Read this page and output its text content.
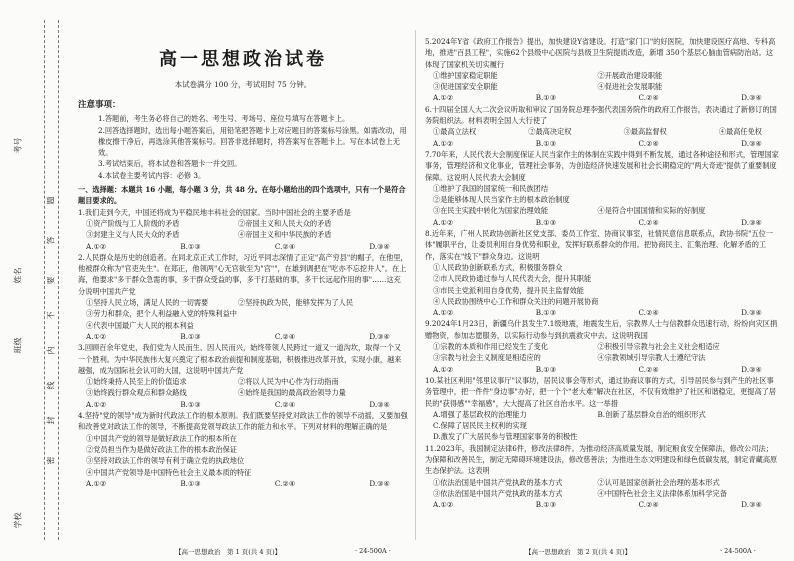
考号
姓名
班级
学校
题
答
要
不
内
线
封
密
高一思想政治试卷

本试卷满分 100 分，考试用时 75 分钟。

注意事项：

1.答题前，考生务必将自己的姓名、考生号、考场号、座位号填写在答题卡上。

2.回答选择题时，选出每小题答案后，用铅笔把答题卡上对应题目的答案标号涂黑。如需改动，用橡皮擦干净后，再选涂其他答案标号。回答非选择题时，将答案写在答题卡上。写在本试卷上无效。

3.考试结束后，将本试卷和答题卡一并交回。

4.本试卷主要考试内容：必修 3。

一、选择题：本题共 16 小题，每小题 3 分，共 48 分。在每小题给出的四个选项中，只有一个是符合题目要求的。

1.我们走到今天，中国还将成为平稳民地丰科社会的国家。当时中国社会的主要矛盾是

①资产阶级与工人阶级的矛盾	②帝国主义和人民大众的矛盾
③封建主义与人民大众的矛盾	④帝国主义和中华民族的矛盾
A.①②	B.①③	C.②④	D.③④

2.人民群众是历史的创造者。在同北京正式工作时，习近平同志深情了正定"高产穷县"的帽子，在他里，他被群众称为"官吏先生"。在郑正，他领两"心无官欲至为"宫""，在雄到调把在"吃亦不忘挖井人"。在上海，他要求"多干群众急需的事，多干群众受益的事，多干打基础的事，多干长远起作用的事"……这充分说明中国共产党

①坚持人民立场，满足人民的一切需要	②坚持执政为民，能够发挥为了人民
③劳力和群众，把个人利益融入党的特殊利益中
④代表中国最广大人民的根本利益
A.①②	B.①③	C.②④	D.③④

3.回顾百余年党史，我们党为人民而生、因人民而兴，始终带领人民跨过一道又一道沟坎，取得一个又一个胜利。为中华民族伟大复兴奠定了根本政治前提和制度基础，积极推进改革开放，实现小康，越来越强，成为国际社会认可的大国，这说明中国共产党

①始终秉持人民至上的价值追求	②将以人民为中心作为行动指南
③始终践行群众观点和群众路线	④始终是我国的最高政治领导力量
A.①②	B.①③	C.②④	D.③④

4.坚持"党的领导"成为新时代政法工作的根本原则。我们既要坚持党对政法工作的领导不动摇，又要加强和改善党对政法工作的领导，不断提高党领导政法工作的能力和水平。下列对材料的理解正确的是

①中国共产党的领导是做好政法工作的根本所在
②党员担当作为是做好政法工作的根本政治保证
③坚持对政法工作的领导有利于确立党的执政地位
④中国共产党领导是中国特色社会主义最本质的特征
A.①②	B.①③	C.②④	D.③④

5.2024年Y省《政府工作报告》提出，加快建设Y省建设。打造"家门口"的好医院，加快建设医疗高地、专科高地，推进"百县工程"，实施62个县级中心医院与县级卫生院提质改造，新增 350个基层心脑血管病防治站。这体现了国家机关切实履行

①维护国家稳定职能	②开展政治建设职能
③促进国家安全职能	④促进社会发展职能
A.①②	B.①③	C.②④	D.③④

6.十四届全国人大二次会议听取和审议了国务院总理李强代表国务院作的政府工作报告，表决通过了新修订的国务院组织法。材料表明全国人大行使了

①最高立法权	②最高决定权	③最高监督权	④最高任免权
A.①②	B.①③	C.②④	D.③④

7.70年来，人民代表大会制度保证人民当家作主的体制在实践中得到不断发展，通过各种途径和形式，管理国家事务，管理经济和文化事业，管理社会事务，为创造经济快速发展和社会长期稳定的"两大奇迹"提供了重要制度保障。这说明人民代表大会制度

①维护了我国的国家统一和民族团结
②是能够体现人民当家作主的根本政治制度
③在民主实践中转化为国家治理效能	④是符合中国国情和实际的好制度
A.①②	B.①③	C.②④	D.③④

8.近年来，广州人民政协创新社区党支部、委员工作室、协商议事室，社情民意信息联系点，政协书院"五位一体"履职平台，让委员利用自身优势和职业，发挥好联系群众的作用。把协商民主、汇集治理、化解矛盾的工作，落实在"线下"群众身边。这说明

①人民政协创新联系方式，积极服务群众
②市人民政协通过参与人民代表大会，提升其职能
③市民主党派利用自身优势，提升民主监督效能
④人民政协围绕中心工作和群众关注的问题开展协商
A.①②	B.①③	C.②④	D.③④

9.2024年1月23日，新疆乌什县发生7.1级地震，地震发生后，宗教界人士与信教群众迅速行动，纷纷向灾区捐赠物资，参加志愿服务，以实际行动参与到抗震救灾中去。这说明我国

①宗教的本质和作用已经发生了变化	②积极引导宗教与社会主义社会相适应
③宗教与社会主义制度是相适应的	④宗教领域引导宗教人士遵纪守法
A.①②	B.①③	C.②④	D.③④

10.某社区利用"邻里议事厅"议事坊，居民议事会等形式，通过协商议事的方式，引导居民参与到产生的社区事务管理中，把一件件"身边事"办好，把一个个"老大难"解决在社区，不仅有效维护了社区和谐稳定，更提高了居民的"获得感""幸福感"，大大提高了社区自治水平。这一举措

A.增强了基层政权的治理能力	B.创新了基层群众自治的组织形式
C.保障了居民民主权利的实现
D.激发了广大居民参与管理国家事务的积极性

11.2023年，我国制定法律6件，修改法律8件。为推动经济高质量发展，制定粮食安全保障法，修改公司法；为保障和改善民生，制定无障碍环境建设法，修改慈善法；为推进生态文明建设和绿色低碳发展，制定青藏高原生态保护法。这表明

①依法治国是中国共产党执政的基本方式	②认可是国家创新社会治理的基本形式
③依法治国是中国共产党执政的基本方式	④中国特色社会主义法律体系加科学完备
A.①②	B.①③	C.②④	D.③④
【高一思想政治　第 1 页(共 4 页)】	· 24-500A ·	【高一思想政治　第 2 页(共 4 页)】	· 24-500A ·
